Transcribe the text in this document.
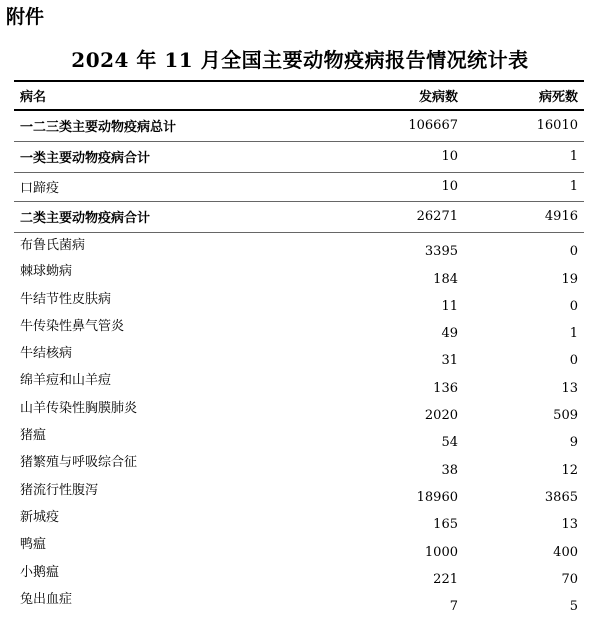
附件
2024 年 11 月全国主要动物疫病报告情况统计表
病名	发病数	病死数
一二三类主要动物疫病总计	106667	16010
一类主要动物疫病合计	10	1
口蹄疫	10	1
二类主要动物疫病合计	26271	4916
布鲁氏菌病	3395	0
棘球蚴病	184	19
牛结节性皮肤病	11	0
牛传染性鼻气管炎	49	1
牛结核病	31	0
绵羊痘和山羊痘	136	13
山羊传染性胸膜肺炎	2020	509
猪瘟	54	9
猪繁殖与呼吸综合征	38	12
猪流行性腹泻	18960	3865
新城疫	165	13
鸭瘟	1000	400
小鹅瘟	221	70
兔出血症	7	5
